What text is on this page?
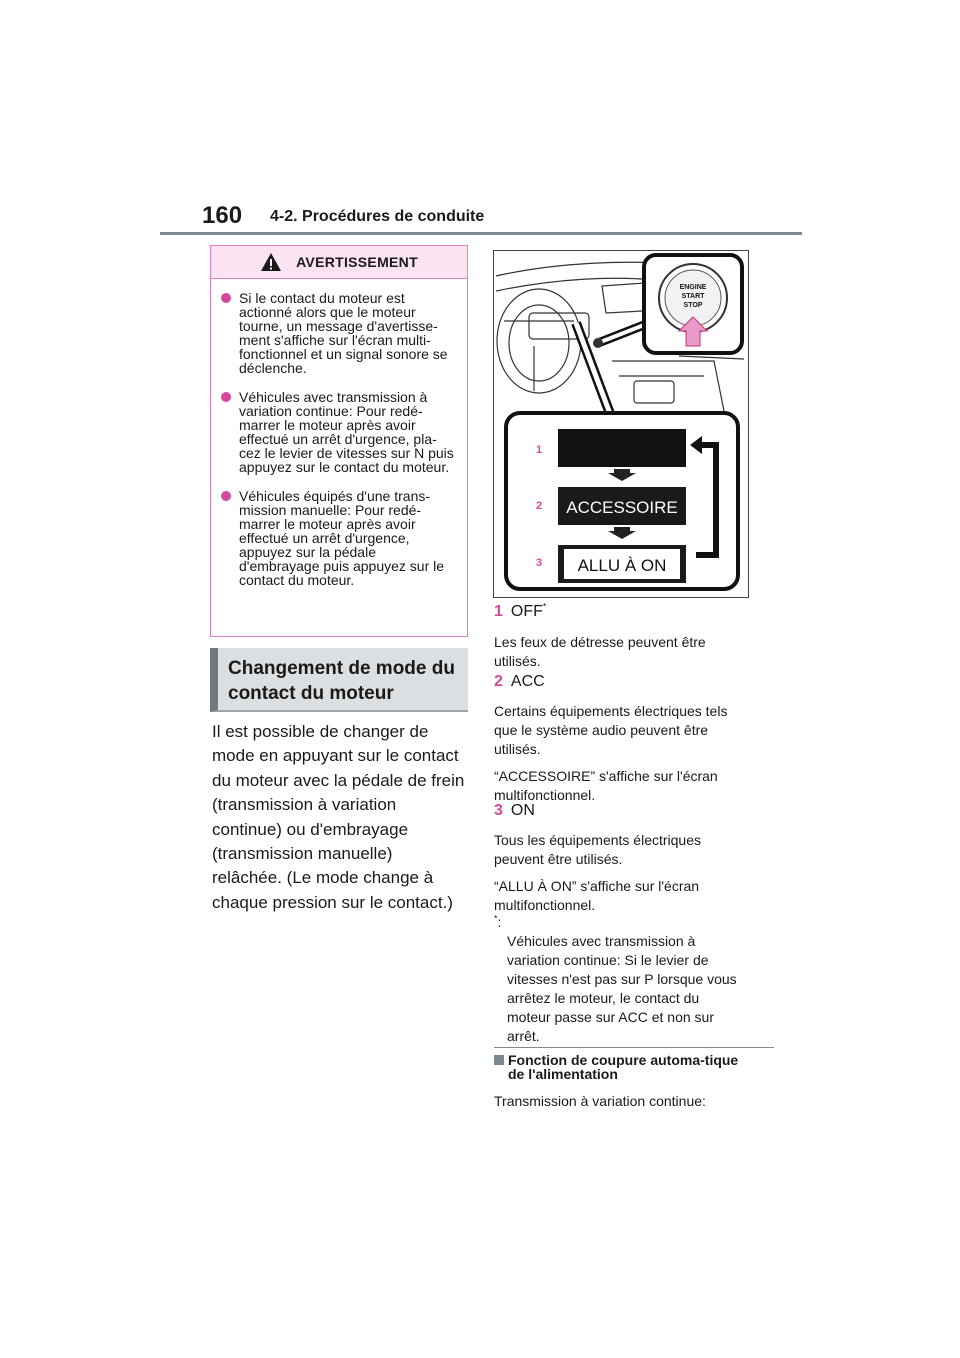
160 4-2. Procédures de conduite
AVERTISSEMENT
Si le contact du moteur est actionné alors que le moteur tourne, un message d'avertisse-ment s'affiche sur l'écran multi-fonctionnel et un signal sonore se déclenche.
Véhicules avec transmission à variation continue: Pour redé-marrer le moteur après avoir effectué un arrêt d'urgence, pla-cez le levier de vitesses sur N puis appuyez sur le contact du moteur.
Véhicules équipés d'une trans-mission manuelle: Pour redé-marrer le moteur après avoir effectué un arrêt d'urgence, appuyez sur la pédale d'embrayage puis appuyez sur le contact du moteur.
Changement de mode du contact du moteur
Il est possible de changer de mode en appuyant sur le contact du moteur avec la pédale de frein (transmission à variation continue) ou d'embrayage (transmission manuelle) relâchée. (Le mode change à chaque pression sur le contact.)
ENGINE
START
STOP
1
2 ACCESSOIRE
3 ALLU À ON
1 OFF*
Les feux de détresse peuvent être utilisés.
2 ACC
Certains équipements électriques tels que le système audio peuvent être utilisés.
“ACCESSOIRE” s'affiche sur l'écran multifonctionnel.
3 ON
Tous les équipements électriques peuvent être utilisés.
“ALLU À ON” s'affiche sur l'écran multifonctionnel.
*:
Véhicules avec transmission à variation continue: Si le levier de vitesses n'est pas sur P lorsque vous arrêtez le moteur, le contact du moteur passe sur ACC et non sur arrêt.
Fonction de coupure automa-tique de l'alimentation
Transmission à variation continue:
